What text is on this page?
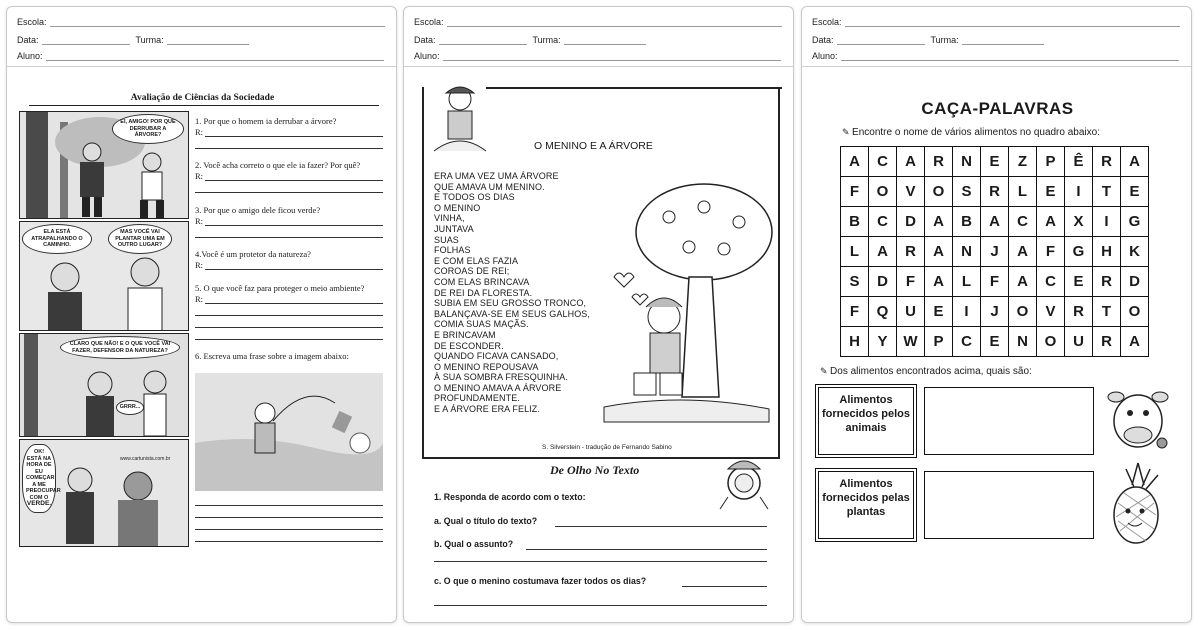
Escola:
Data:	Turma:
Aluno:
Avaliação de Ciências da Sociedade
EI, AMIGO! POR QUE DERRUBAR A ÁRVORE?
ELA ESTÁ ATRAPALHANDO O CAMINHO.
MAS VOCÊ VAI PLANTAR UMA EM OUTRO LUGAR?
CLARO QUE NÃO! E O QUE VOCÊ VAI FAZER, DEFENSOR DA NATUREZA?
GRRR...
OK! ESTÁ NA HORA DE EU COMEÇAR A ME PREOCUPAR COM O VERDE.
www.cartunista.com.br
1. Por que o homem ia derrubar a árvore?
R:
2. Você acha correto o que ele ia fazer? Por quê?
R:
3. Por que o amigo dele ficou verde?
R:
4.Você é um protetor da natureza?
R:
5. O que você faz para proteger o meio ambiente?
R:
6. Escreva uma frase sobre a imagem abaixo:
Escola:
Data:	Turma:
Aluno:
O MENINO E A ÁRVORE
ERA UMA VEZ UMA ÁRVORE
QUE AMAVA UM MENINO.
E TODOS OS DIAS
O MENINO
VINHA,
JUNTAVA
SUAS
FOLHAS
E COM ELAS FAZIA
COROAS DE REI;
COM ELAS BRINCAVA
DE REI DA FLORESTA.
SUBIA EM SEU GROSSO TRONCO,
BALANÇAVA-SE EM SEUS GALHOS,
COMIA SUAS MAÇÃS.
E BRINCAVAM
DE ESCONDER.
QUANDO FICAVA CANSADO,
O MENINO REPOUSAVA
À SUA SOMBRA FRESQUINHA.
O MENINO AMAVA A ÁRVORE
PROFUNDAMENTE.
E A ÁRVORE ERA FELIZ.
S. Silverstein - tradução de Fernando Sabino
De Olho No Texto
1. Responda de acordo com o texto:
a. Qual o título do texto?
b. Qual o assunto?
c. O que o menino costumava fazer todos os dias?
Escola:
Data:	Turma:
Aluno:
CAÇA-PALAVRAS
✎ Encontre o nome de vários alimentos no quadro abaixo:
A	C	A	R	N	E	Z	P	Ê	R	A
F	O	V	O	S	R	L	E	I	T	E
B	C	D	A	B	A	C	A	X	I	G
L	A	R	A	N	J	A	F	G	H	K
S	D	F	A	L	F	A	C	E	R	D
F	Q	U	E	I	J	O	V	R	T	O
H	Y	W	P	C	E	N	O	U	R	A
✎ Dos alimentos encontrados acima, quais são:
Alimentos fornecidos pelos animais
Alimentos fornecidos pelas plantas
